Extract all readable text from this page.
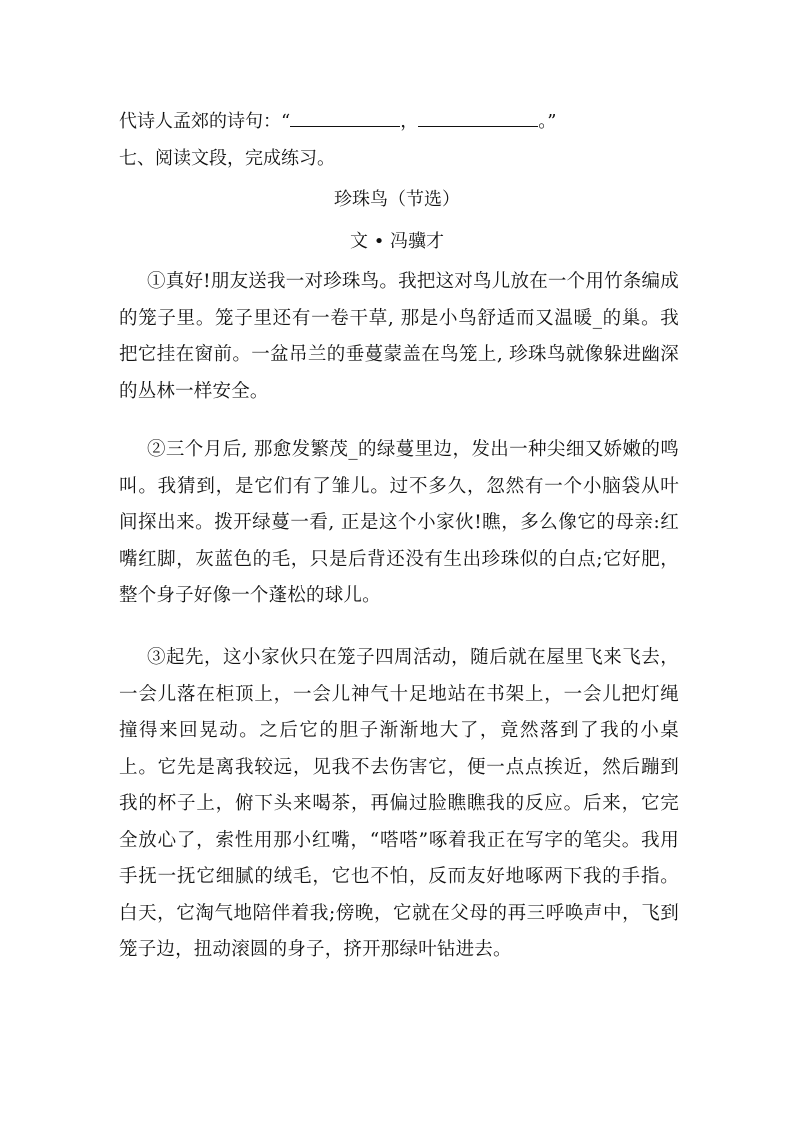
代诗人孟郊的诗句：“	，	。”
七、阅读文段，完成练习。
珍珠鸟（节选）
文 • 冯骥才
①真好!朋友送我一对珍珠鸟。我把这对鸟儿放在一个用竹条编成的笼子里。笼子里还有一卷干草, 那是小鸟舒适而又温暖_的巢。我把它挂在窗前。一盆吊兰的垂蔓蒙盖在鸟笼上, 珍珠鸟就像躲进幽深的丛林一样安全。
②三个月后, 那愈发繁茂_的绿蔓里边，发出一种尖细又娇嫩的鸣叫。我猜到，是它们有了雏儿。过不多久，忽然有一个小脑袋从叶间探出来。拨开绿蔓一看, 正是这个小家伙!瞧，多么像它的母亲:红嘴红脚，灰蓝色的毛，只是后背还没有生出珍珠似的白点;它好肥，整个身子好像一个蓬松的球儿。
③起先，这小家伙只在笼子四周活动，随后就在屋里飞来飞去，一会儿落在柜顶上，一会儿神气十足地站在书架上，一会儿把灯绳撞得来回晃动。之后它的胆子渐渐地大了，竟然落到了我的小桌上。它先是离我较远，见我不去伤害它，便一点点挨近，然后蹦到我的杯子上，俯下头来喝茶，再偏过脸瞧瞧我的反应。后来，它完全放心了，索性用那小红嘴，“嗒嗒”啄着我正在写字的笔尖。我用手抚一抚它细腻的绒毛，它也不怕，反而友好地啄两下我的手指。白天，它淘气地陪伴着我;傍晚，它就在父母的再三呼唤声中，飞到笼子边，扭动滚圆的身子，挤开那绿叶钻进去。
